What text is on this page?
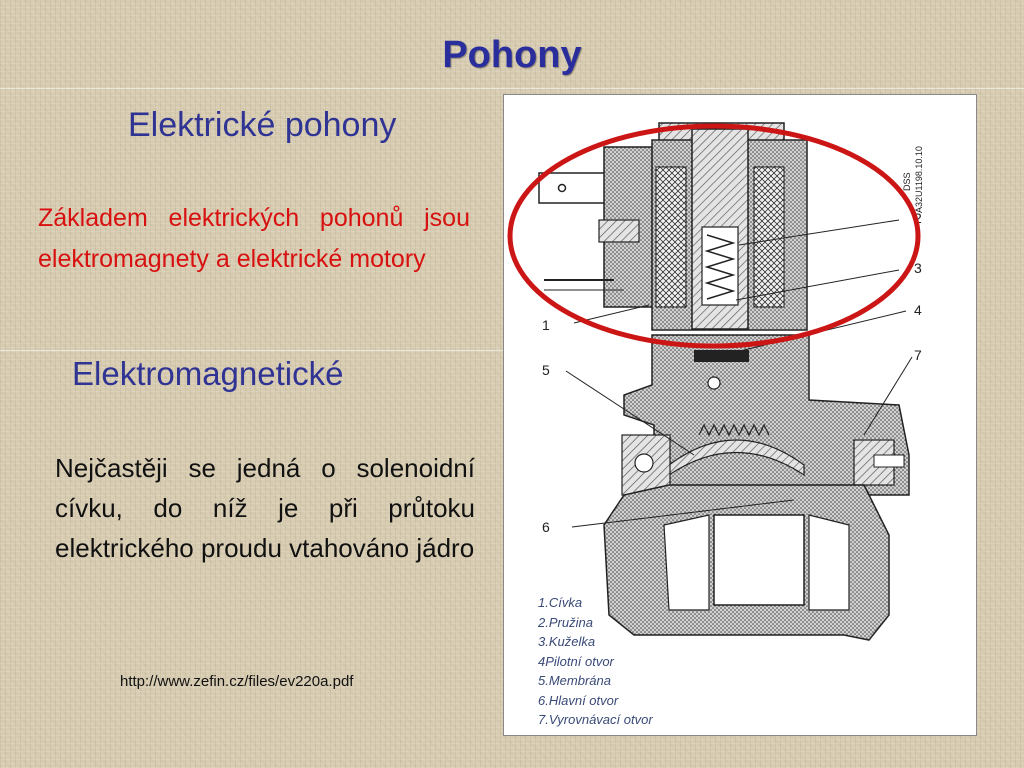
Pohony
Elektrické pohony
Základem elektrických pohonů jsou elektromagnety a elektrické motory
Elektromagnetické
Nejčastěji se jedná o solenoidní cívku, do níž je při průtoku elektrického proudu vtahováno jádro
http://www.zefin.cz/files/ev220a.pdf
1
2
3
4
5
6
7
A32U1198.10.10
DSS
1.Cívka
2.Pružina
3.Kuželka
4Pilotní otvor
5.Membrána
6.Hlavní otvor
7.Vyrovnávací otvor
